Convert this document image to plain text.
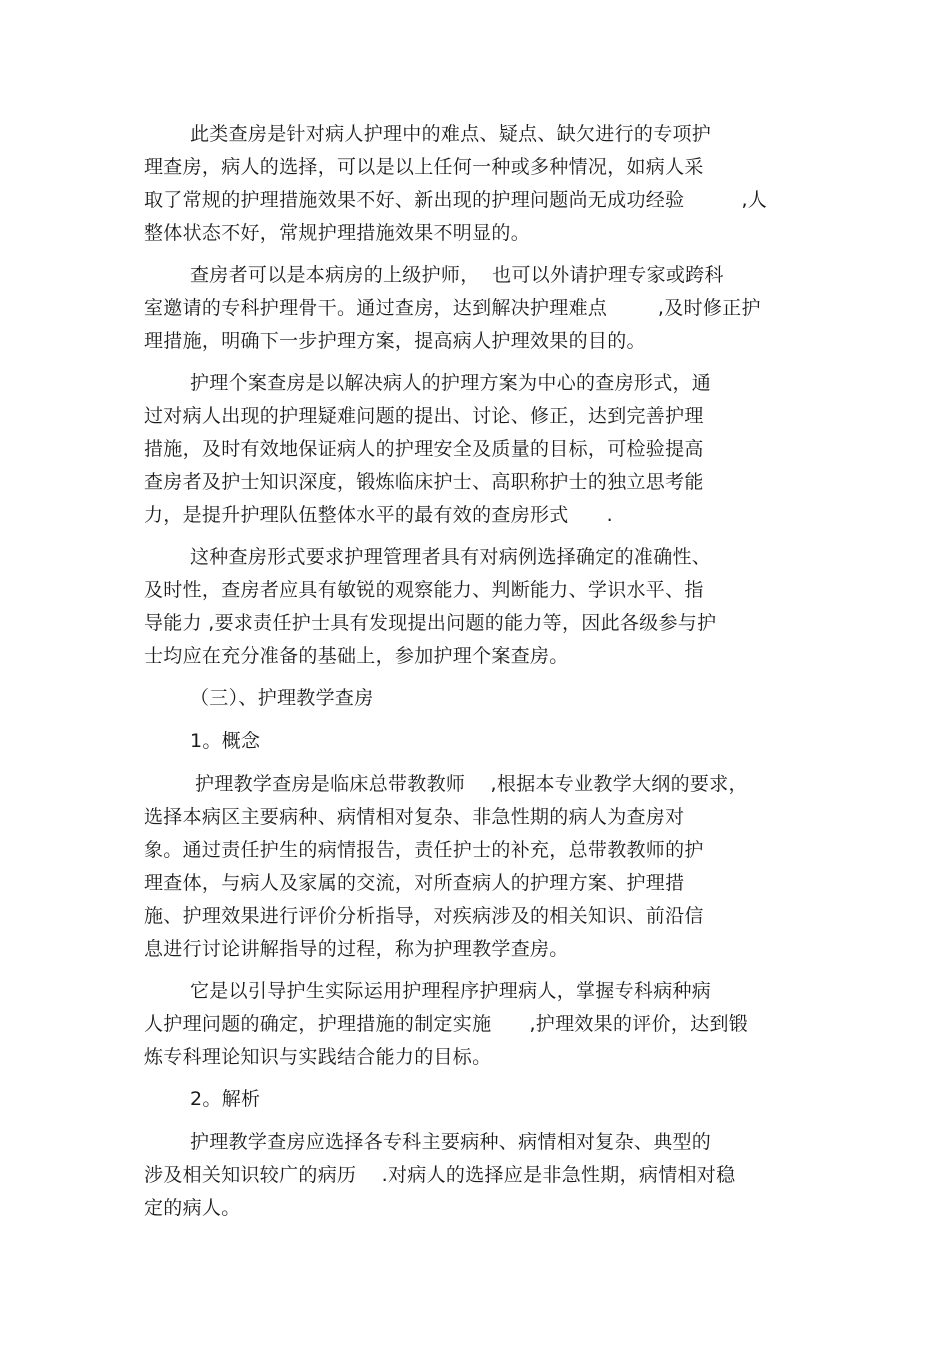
此类查房是针对病人护理中的难点、疑点、缺欠进行的专项护
理查房，病人的选择，可以是以上任何一种或多种情况，如病人采
取了常规的护理措施效果不好、新出现的护理问题尚无成功经验         ,人
整体状态不好，常规护理措施效果不明显的。
查房者可以是本病房的上级护师，  也可以外请护理专家或跨科
室邀请的专科护理骨干。通过查房，达到解决护理难点        ,及时修正护
理措施，明确下一步护理方案，提高病人护理效果的目的。
护理个案查房是以解决病人的护理方案为中心的查房形式，通
过对病人出现的护理疑难问题的提出、讨论、修正，达到完善护理
措施，及时有效地保证病人的护理安全及质量的目标，可检验提高
查房者及护士知识深度，锻炼临床护士、高职称护士的独立思考能
力，是提升护理队伍整体水平的最有效的查房形式      .
这种查房形式要求护理管理者具有对病例选择确定的准确性、
及时性，查房者应具有敏锐的观察能力、判断能力、学识水平、指
导能力 ,要求责任护士具有发现提出问题的能力等，因此各级参与护
士均应在充分准备的基础上，参加护理个案查房。
（三）、护理教学查房
1。概念
护理教学查房是临床总带教教师    ,根据本专业教学大纲的要求，
选择本病区主要病种、病情相对复杂、非急性期的病人为查房对
象。通过责任护生的病情报告，责任护士的补充，总带教教师的护
理查体，与病人及家属的交流，对所查病人的护理方案、护理措
施、护理效果进行评价分析指导，对疾病涉及的相关知识、前沿信
息进行讨论讲解指导的过程，称为护理教学查房。
它是以引导护生实际运用护理程序护理病人，掌握专科病种病
人护理问题的确定，护理措施的制定实施      ,护理效果的评价，达到锻
炼专科理论知识与实践结合能力的目标。
2。解析
护理教学查房应选择各专科主要病种、病情相对复杂、典型的
涉及相关知识较广的病历    .对病人的选择应是非急性期，病情相对稳
定的病人。
